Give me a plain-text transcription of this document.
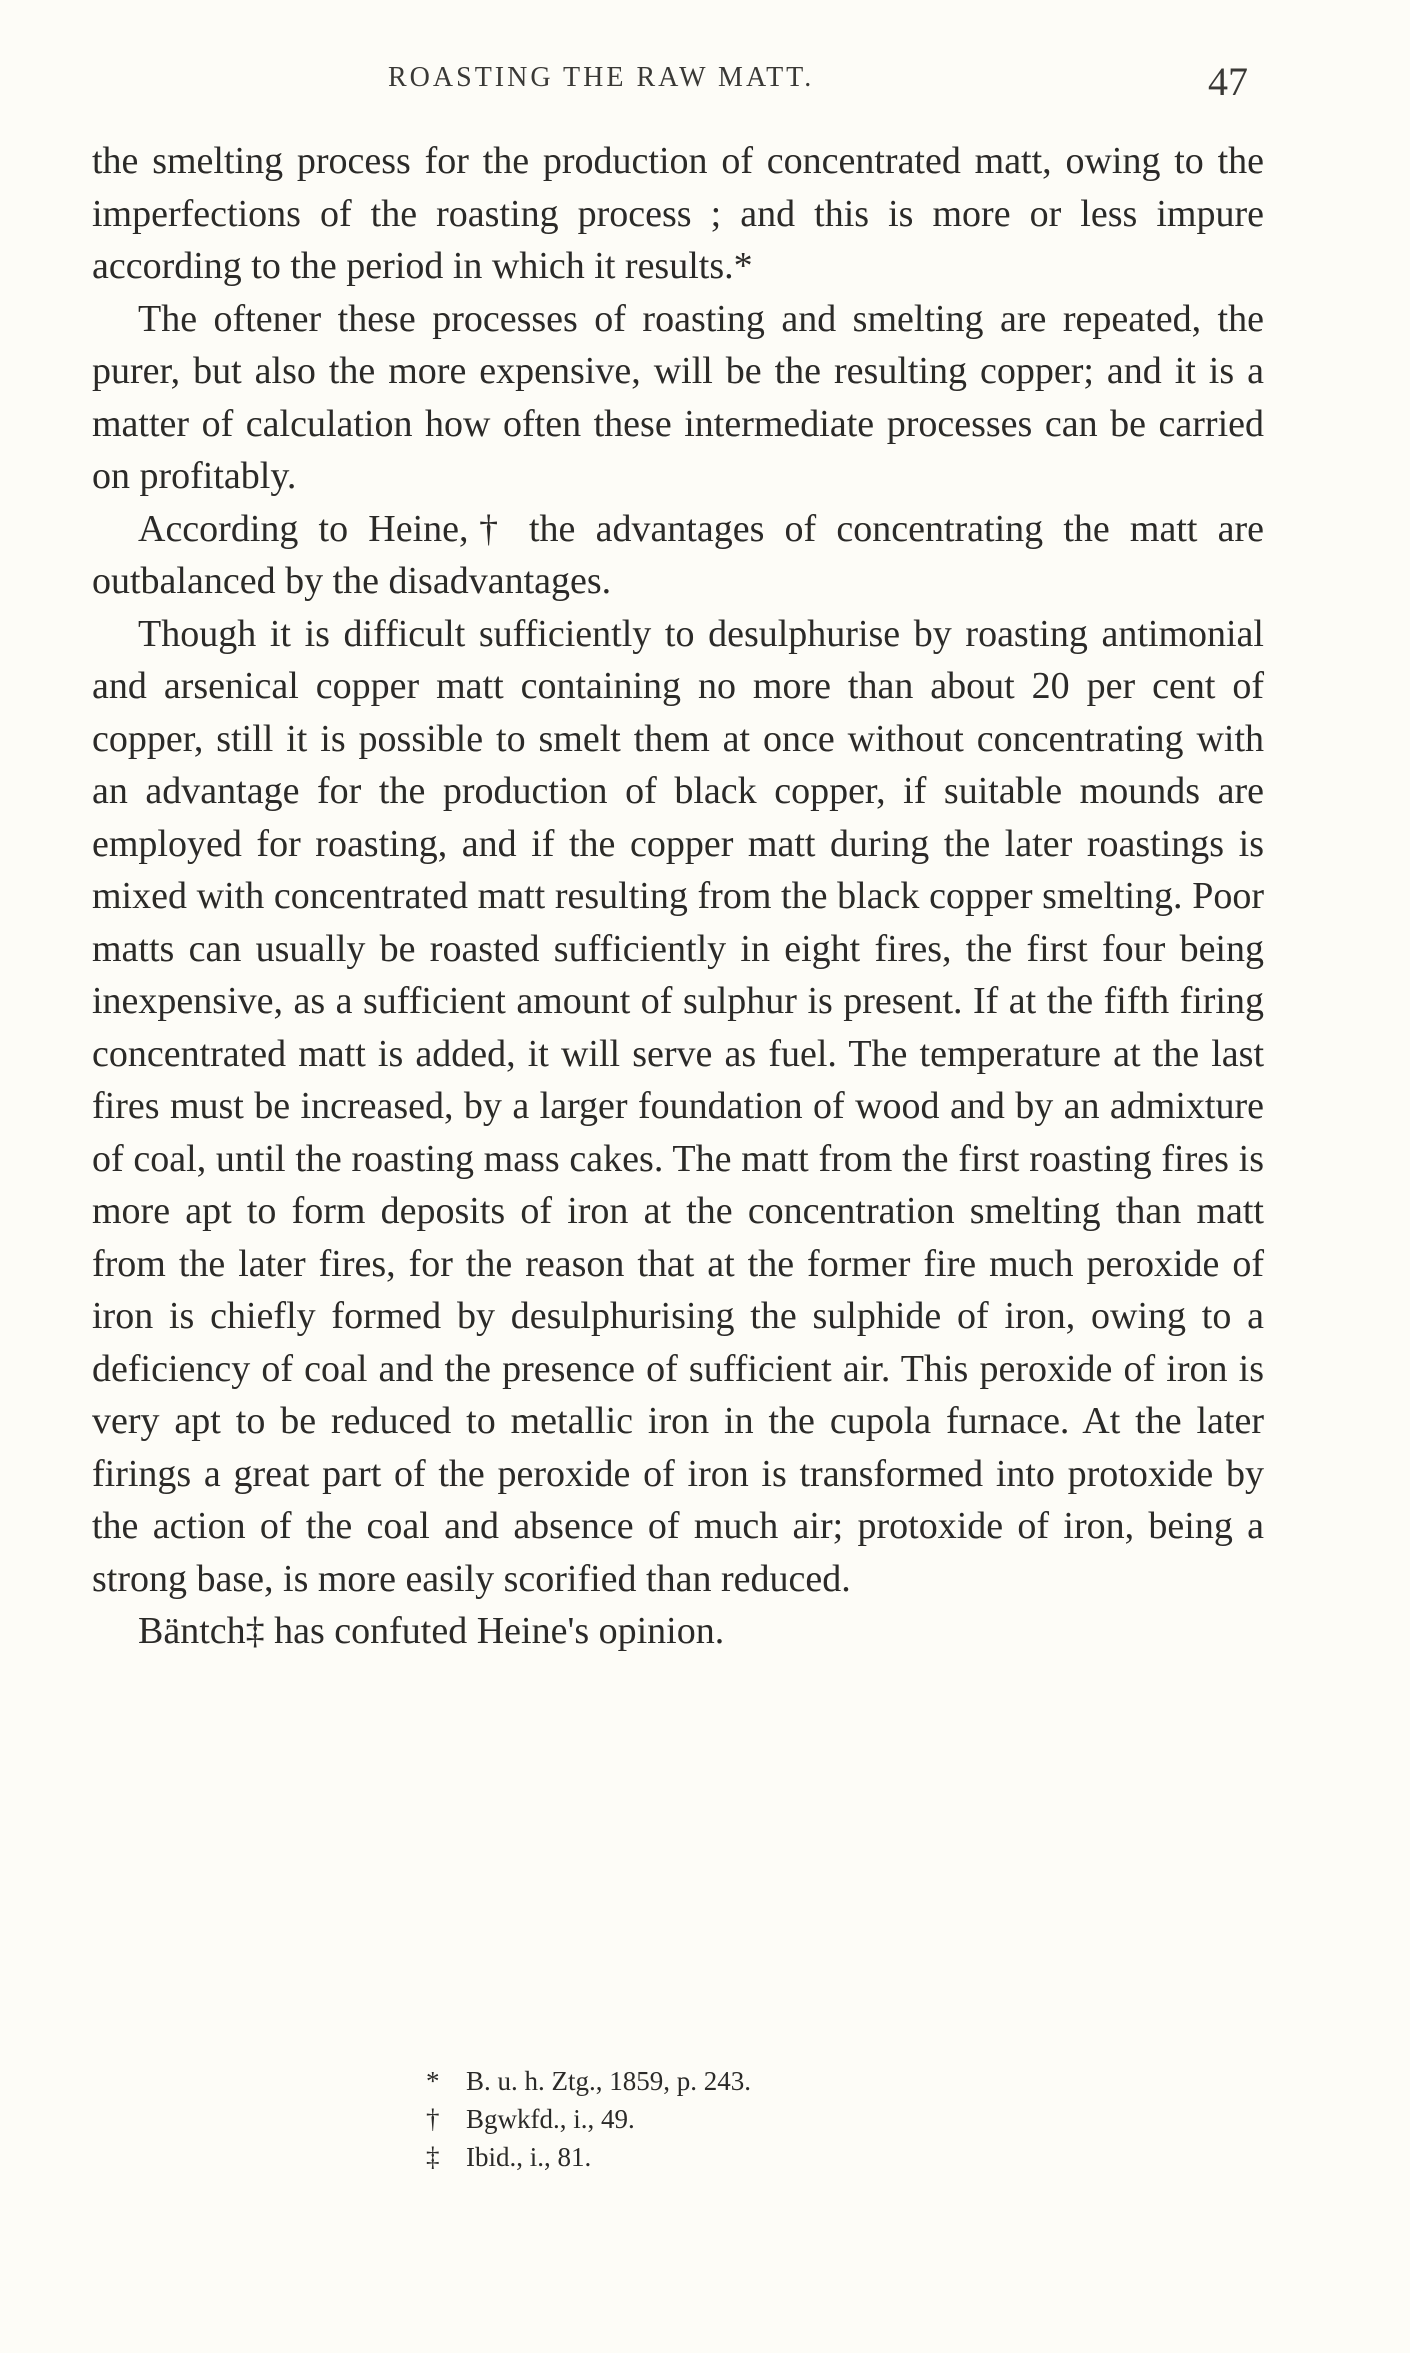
ROASTING THE RAW MATT.	47

the smelting process for the production of concentrated matt, owing to the imperfections of the roasting process ; and this is more or less impure according to the period in which it results.*

The oftener these processes of roasting and smelting are repeated, the purer, but also the more expensive, will be the resulting copper; and it is a matter of calculation how often these intermediate processes can be carried on profitably.

According to Heine,† the advantages of concentrating the matt are outbalanced by the disadvantages.

Though it is difficult sufficiently to desulphurise by roasting antimonial and arsenical copper matt containing no more than about 20 per cent of copper, still it is possible to smelt them at once without concentrating with an advantage for the production of black copper, if suitable mounds are employed for roasting, and if the copper matt during the later roastings is mixed with concentrated matt resulting from the black copper smelting. Poor matts can usually be roasted sufficiently in eight fires, the first four being inexpensive, as a sufficient amount of sulphur is present. If at the fifth firing concentrated matt is added, it will serve as fuel. The temperature at the last fires must be increased, by a larger foundation of wood and by an admixture of coal, until the roasting mass cakes. The matt from the first roasting fires is more apt to form deposits of iron at the concentration smelting than matt from the later fires, for the reason that at the former fire much peroxide of iron is chiefly formed by desulphurising the sulphide of iron, owing to a deficiency of coal and the presence of sufficient air. This peroxide of iron is very apt to be reduced to metallic iron in the cupola furnace. At the later firings a great part of the peroxide of iron is transformed into protoxide by the action of the coal and absence of much air; protoxide of iron, being a strong base, is more easily scorified than reduced.

Bäntch‡ has confuted Heine's opinion.

* B. u. h. Ztg., 1859, p. 243.
† Bgwkfd., i., 49.
‡ Ibid., i., 81.
